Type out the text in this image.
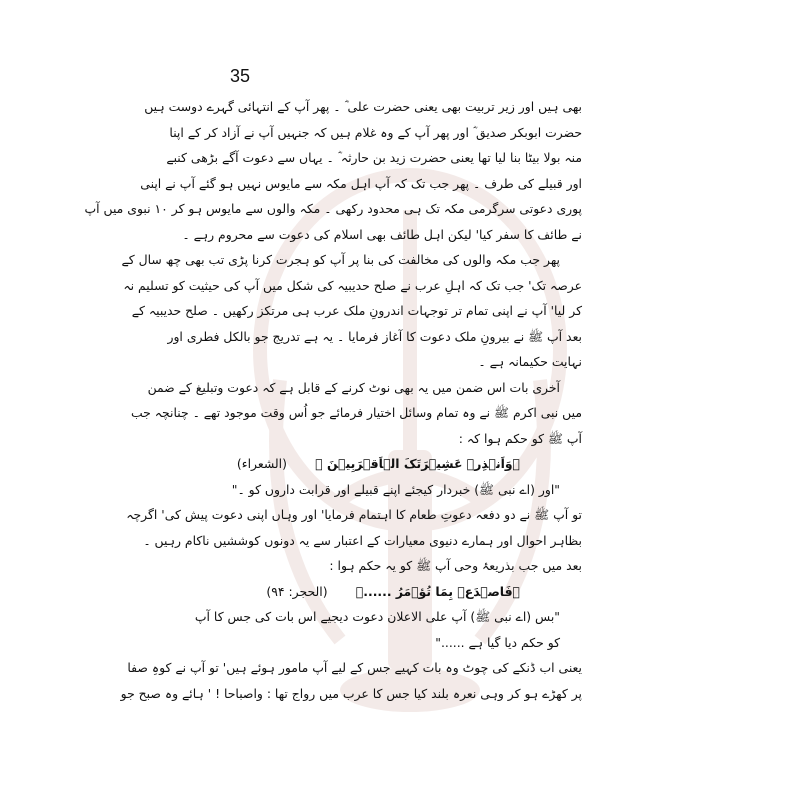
35
بھی ہیں اور زیر تربیت بھی یعنی حضرت علی ؓ ۔ پھر آپ کے انتہائی گہرے دوست ہیں
حضرت ابوبکر صدیق ؓ اور پھر آپ کے وہ غلام ہیں کہ جنہیں آپ نے آزاد کر کے اپنا
منہ بولا بیٹا بنا لیا تھا یعنی حضرت زید بن حارثہ ؓ ۔ یہاں سے دعوت آگے بڑھی کنبے
اور قبیلے کی طرف ۔ پھر جب تک کہ آپ اہل مکہ سے مایوس نہیں ہو گئے آپ نے اپنی
پوری دعوتی سرگرمی مکہ تک ہی محدود رکھی ۔ مکہ والوں سے مایوس ہو کر ۱۰ نبوی میں آپ
نے طائف کا سفر کیا' لیکن اہل طائف بھی اسلام کی دعوت سے محروم رہے ۔
پھر جب مکہ والوں کی مخالفت کی بنا پر آپ کو ہجرت کرنا پڑی تب بھی چھ سال کے
عرصہ تک' جب تک کہ اہلِ عرب نے صلح حدیبیہ کی شکل میں آپ کی حیثیت کو تسلیم نہ
کر لیا' آپ نے اپنی تمام تر توجہات اندرونِ ملک عرب ہی مرتکز رکھیں ۔ صلح حدیبیہ کے
بعد آپ ﷺ نے بیرونِ ملک دعوت کا آغاز فرمایا ۔ یہ ہے تدریج جو بالکل فطری اور
نہایت حکیمانہ ہے ۔
آخری بات اس ضمن میں یہ بھی نوٹ کرنے کے قابل ہے کہ دعوت وتبلیغ کے ضمن
میں نبی اکرم ﷺ نے وہ تمام وسائل اختیار فرمائے جو اُس وقت موجود تھے ۔ چنانچہ جب
آپ ﷺ کو حکم ہوا کہ :
﴿وَاَنۡذِرۡ عَشِیۡرَتَکَ الۡاَقۡرَبِیۡنَ ﴾ (الشعراء)
"اور (اے نبی ﷺ) خبردار کیجئے اپنے قبیلے اور قرابت داروں کو ۔"
تو آپ ﷺ نے دو دفعہ دعوتِ طعام کا اہتمام فرمایا' اور وہاں اپنی دعوت پیش کی' اگرچہ
بظاہر احوال اور ہمارے دنیوی معیارات کے اعتبار سے یہ دونوں کوششیں ناکام رہیں ۔
بعد میں جب بذریعۂ وحی آپ ﷺ کو یہ حکم ہوا :
﴿فَاصۡدَعۡ بِمَا تُؤۡمَرُ ......﴾ (الحجر: ۹۴)
"بس (اے نبی ﷺ) آپ علی الاعلان دعوت دیجیے اس بات کی جس کا آپ
کو حکم دیا گیا ہے ......"
یعنی اب ڈنکے کی چوٹ وہ بات کہیے جس کے لیے آپ مامور ہوئے ہیں' تو آپ نے کوہِ صفا
پر کھڑے ہو کر وہی نعرہ بلند کیا جس کا عرب میں رواج تھا : واصباحا ! ' ہائے وہ صبح جو
